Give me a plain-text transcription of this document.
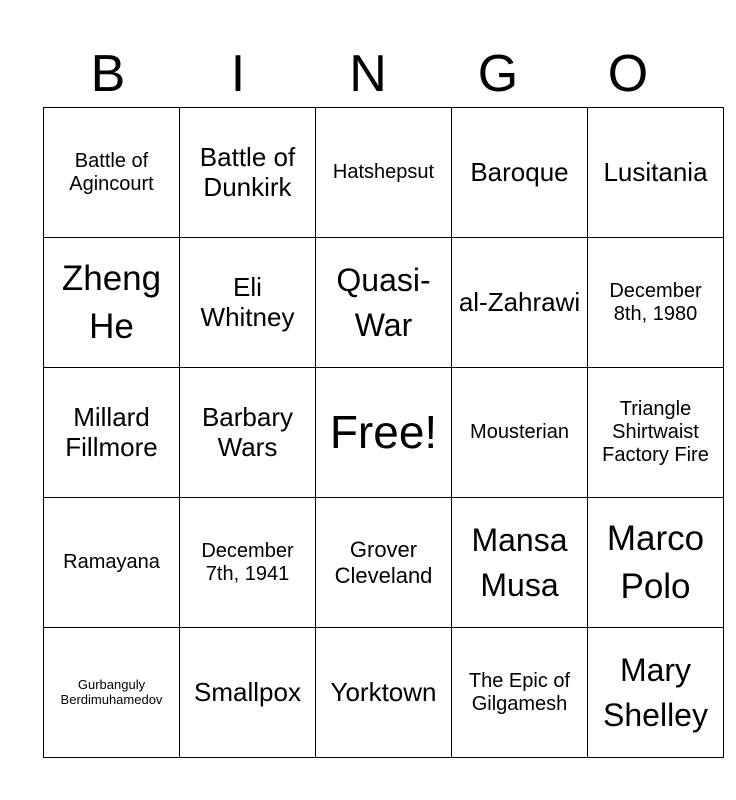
B	I	N	G	O
Battle of Agincourt	Battle of Dunkirk	Hatshepsut	Baroque	Lusitania
Zheng He	Eli Whitney	Quasi-War	al-Zahrawi	December 8th, 1980
Millard Fillmore	Barbary Wars	Free!	Mousterian	Triangle Shirtwaist Factory Fire
Ramayana	December 7th, 1941	Grover Cleveland	Mansa Musa	Marco Polo
Gurbanguly Berdimuhamedov	Smallpox	Yorktown	The Epic of Gilgamesh	Mary Shelley
